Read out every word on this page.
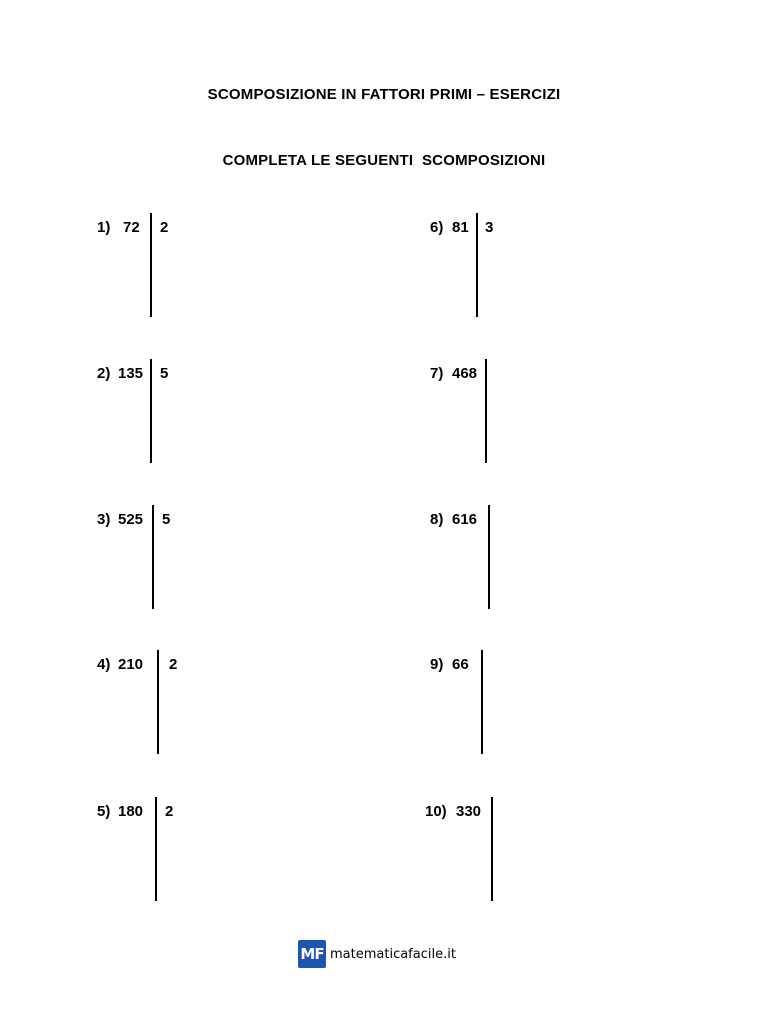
SCOMPOSIZIONE IN FATTORI PRIMI – ESERCIZI
COMPLETA LE SEGUENTI  SCOMPOSIZIONI

1)

72

2

2)

135

5

3)

525

5

4)

210

2

5)

180

2

6)

81

3

7)

468

8)

616

9)

66

10)

330

MF matematicafacile.it
